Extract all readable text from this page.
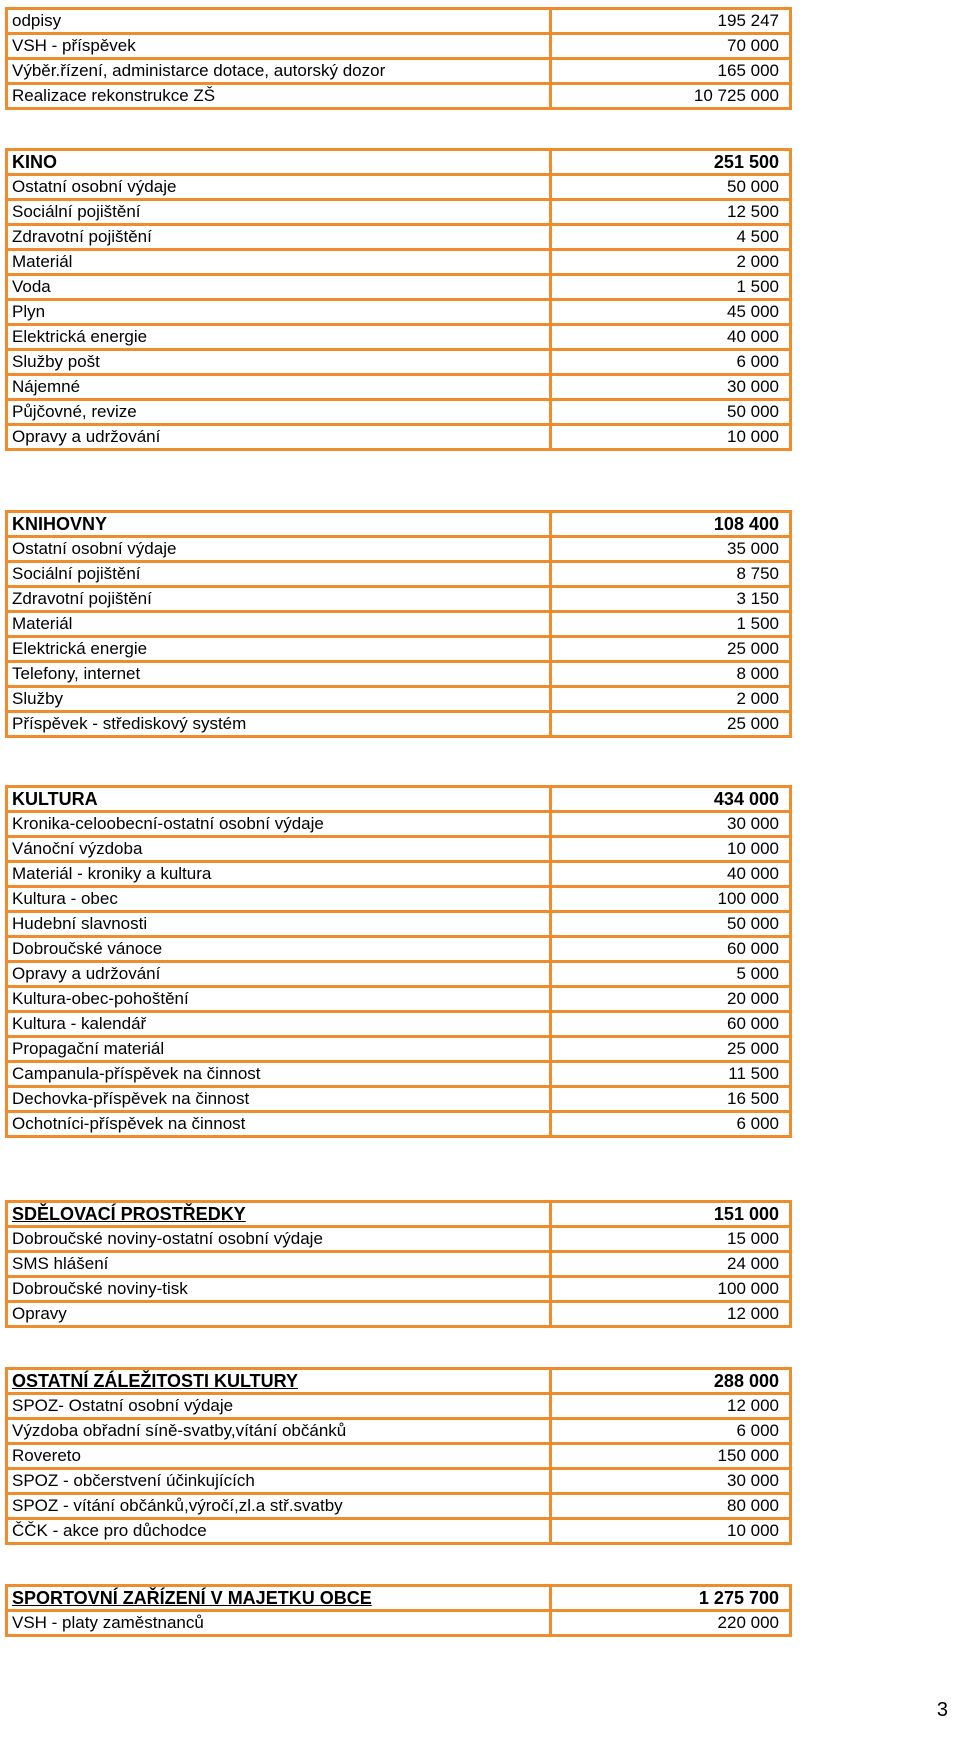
odpisy	195 247
VSH - příspěvek	70 000
Výběr.řízení, administarce dotace, autorský dozor	165 000
Realizace rekonstrukce ZŠ	10 725 000
KINO	251 500
Ostatní osobní výdaje	50 000
Sociální pojištění	12 500
Zdravotní pojištění	4 500
Materiál	2 000
Voda	1 500
Plyn	45 000
Elektrická energie	40 000
Služby pošt	6 000
Nájemné	30 000
Půjčovné, revize	50 000
Opravy a udržování	10 000
KNIHOVNY	108 400
Ostatní osobní výdaje	35 000
Sociální pojištění	8 750
Zdravotní pojištění	3 150
Materiál	1 500
Elektrická energie	25 000
Telefony, internet	8 000
Služby	2 000
Příspěvek - střediskový systém	25 000
KULTURA	434 000
Kronika-celoobecní-ostatní osobní výdaje	30 000
Vánoční výzdoba	10 000
Materiál - kroniky a kultura	40 000
Kultura - obec	100 000
Hudební slavnosti	50 000
Dobroučské vánoce	60 000
Opravy a udržování	5 000
Kultura-obec-pohoštění	20 000
Kultura - kalendář	60 000
Propagační materiál	25 000
Campanula-příspěvek na činnost	11 500
Dechovka-příspěvek na činnost	16 500
Ochotníci-příspěvek na činnost	6 000
SDĚLOVACÍ PROSTŘEDKY	151 000
Dobroučské noviny-ostatní osobní výdaje	15 000
SMS hlášení	24 000
Dobroučské noviny-tisk	100 000
Opravy	12 000
OSTATNÍ ZÁLEŽITOSTI KULTURY	288 000
SPOZ- Ostatní osobní výdaje	12 000
Výzdoba obřadní síně-svatby,vítání občánků	6 000
Rovereto	150 000
SPOZ - občerstvení účinkujících	30 000
SPOZ - vítání občánků,výročí,zl.a stř.svatby	80 000
ČČK - akce pro důchodce	10 000
SPORTOVNÍ ZAŘÍZENÍ V MAJETKU OBCE	1 275 700
VSH - platy zaměstnanců	220 000
3
